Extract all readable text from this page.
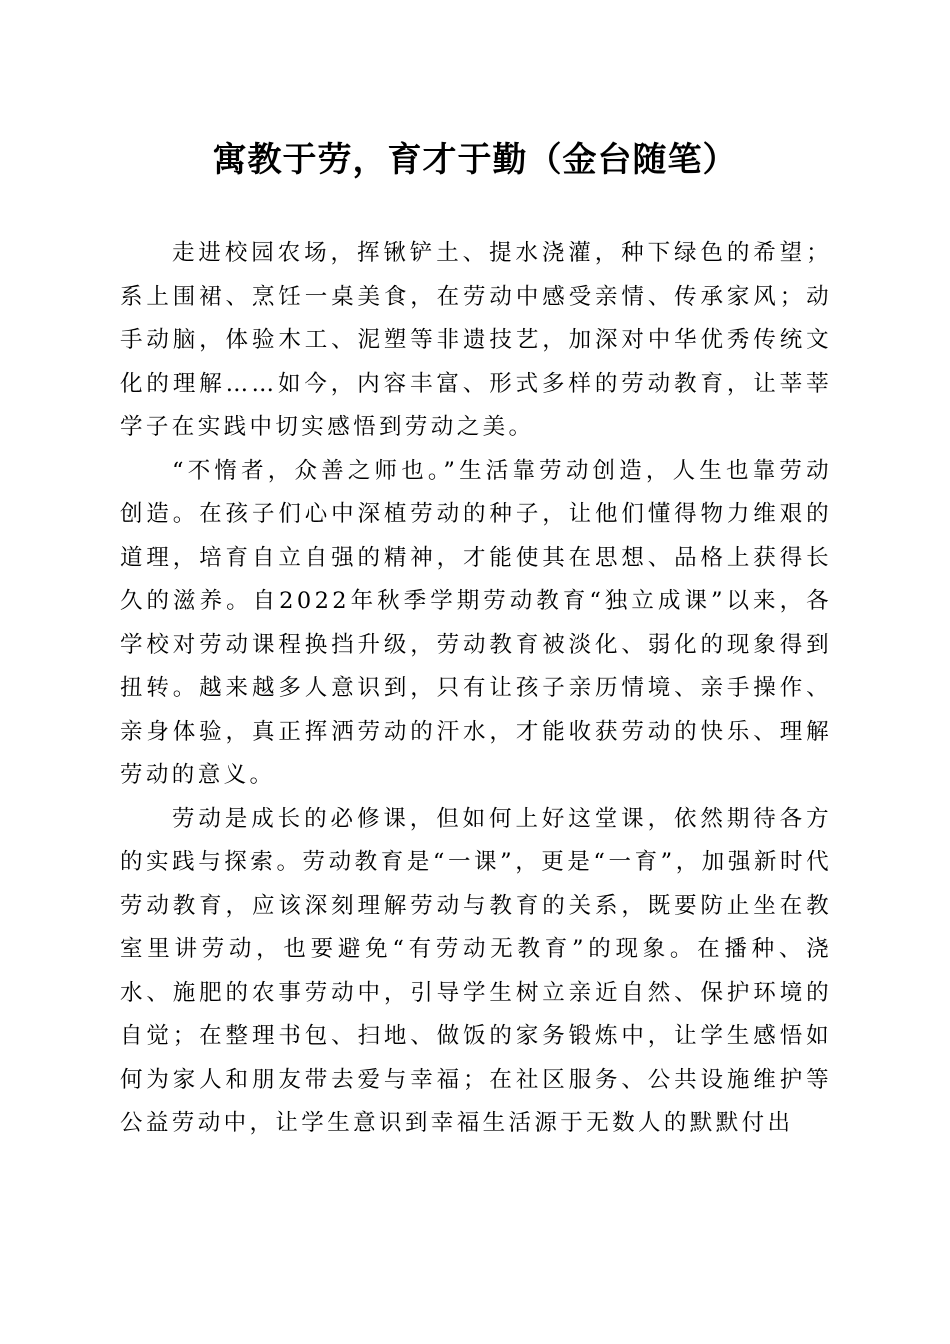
寓教于劳，育才于勤（金台随笔）

走进校园农场，挥锹铲土、提水浇灌，种下绿色的希望；系上围裙、烹饪一桌美食，在劳动中感受亲情、传承家风；动手动脑，体验木工、泥塑等非遗技艺，加深对中华优秀传统文化的理解……如今，内容丰富、形式多样的劳动教育，让莘莘学子在实践中切实感悟到劳动之美。

“不惰者，众善之师也。”生活靠劳动创造，人生也靠劳动创造。在孩子们心中深植劳动的种子，让他们懂得物力维艰的道理，培育自立自强的精神，才能使其在思想、品格上获得长久的滋养。自2022年秋季学期劳动教育“独立成课”以来，各学校对劳动课程换挡升级，劳动教育被淡化、弱化的现象得到扭转。越来越多人意识到，只有让孩子亲历情境、亲手操作、亲身体验，真正挥洒劳动的汗水，才能收获劳动的快乐、理解劳动的意义。

劳动是成长的必修课，但如何上好这堂课，依然期待各方的实践与探索。劳动教育是“一课”，更是“一育”，加强新时代劳动教育，应该深刻理解劳动与教育的关系，既要防止坐在教室里讲劳动，也要避免“有劳动无教育”的现象。在播种、浇水、施肥的农事劳动中，引导学生树立亲近自然、保护环境的自觉；在整理书包、扫地、做饭的家务锻炼中，让学生感悟如何为家人和朋友带去爱与幸福；在社区服务、公共设施维护等公益劳动中，让学生意识到幸福生活源于无数人的默默付出
